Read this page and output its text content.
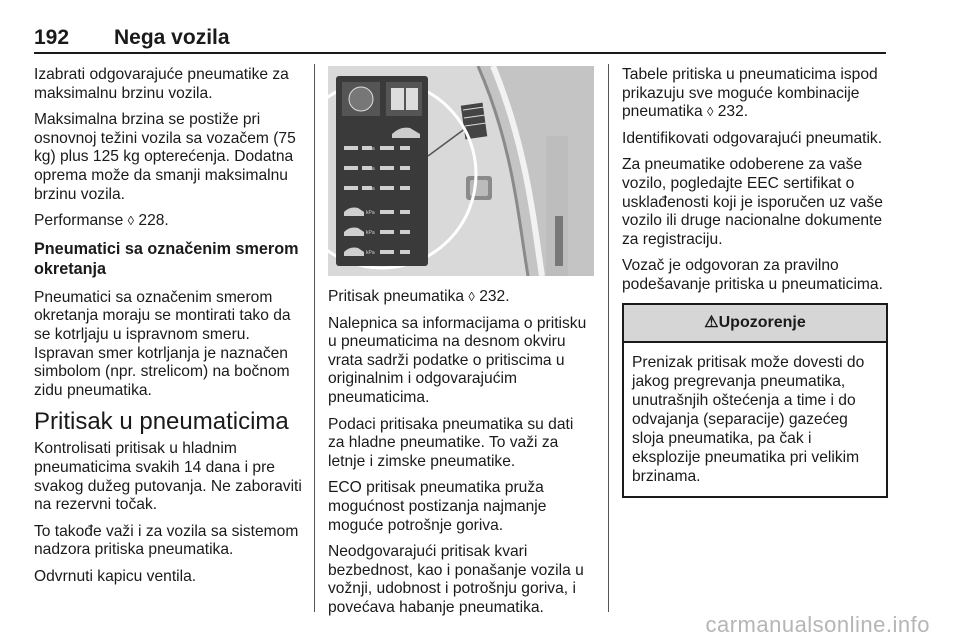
192 Nega vozila

Izabrati odgovarajuće pneumatike za maksimalnu brzinu vozila.

Maksimalna brzina se postiže pri osnovnoj težini vozila sa vozačem (75 kg) plus 125 kg opterećenja. Dodatna oprema može da smanji maksimalnu brzinu vozila.

Performanse ◊ 228.

Pneumatici sa označenim smerom okretanja

Pneumatici sa označenim smerom okretanja moraju se montirati tako da se kotrljaju u ispravnom smeru. Ispravan smer kotrljanja je naznačen simbolom (npr. strelicom) na bočnom zidu pneumatika.

Pritisak u pneumaticima

Kontrolisati pritisak u hladnim pneumaticima svakih 14 dana i pre svakog dužeg putovanja. Ne zaboraviti na rezervni točak.

To takođe važi i za vozila sa sistemom nadzora pritiska pneumatika.

Odvrnuti kapicu ventila.

kPa
kPa
kPa
kPa
kPa
kPa

Pritisak pneumatika ◊ 232.

Nalepnica sa informacijama o pritisku u pneumaticima na desnom okviru vrata sadrži podatke o pritiscima u originalnim i odgovarajućim pneumaticima.

Podaci pritisaka pneumatika su dati za hladne pneumatike. To važi za letnje i zimske pneumatike.

ECO pritisak pneumatika pruža mogućnost postizanja najmanje moguće potrošnje goriva.

Neodgovarajući pritisak kvari bezbednost, kao i ponašanje vozila u vožnji, udobnost i potrošnju goriva, i povećava habanje pneumatika.

Tabele pritiska u pneumaticima ispod prikazuju sve moguće kombinacije pneumatika ◊ 232.

Identifikovati odgovarajući pneumatik.

Za pneumatike odoberene za vaše vozilo, pogledajte EEC sertifikat o usklađenosti koji je isporučen uz vaše vozilo ili druge nacionalne dokumente za registraciju.

Vozač je odgovoran za pravilno podešavanje pritiska u pneumaticima.

⚠Upozorenje
Prenizak pritisak može dovesti do jakog pregrevanja pneumatika, unutrašnjih oštećenja a time i do odvajanja (separacije) gazećeg sloja pneumatika, pa čak i eksplozije pneumatika pri velikim brzinama.
carmanualsonline.info
